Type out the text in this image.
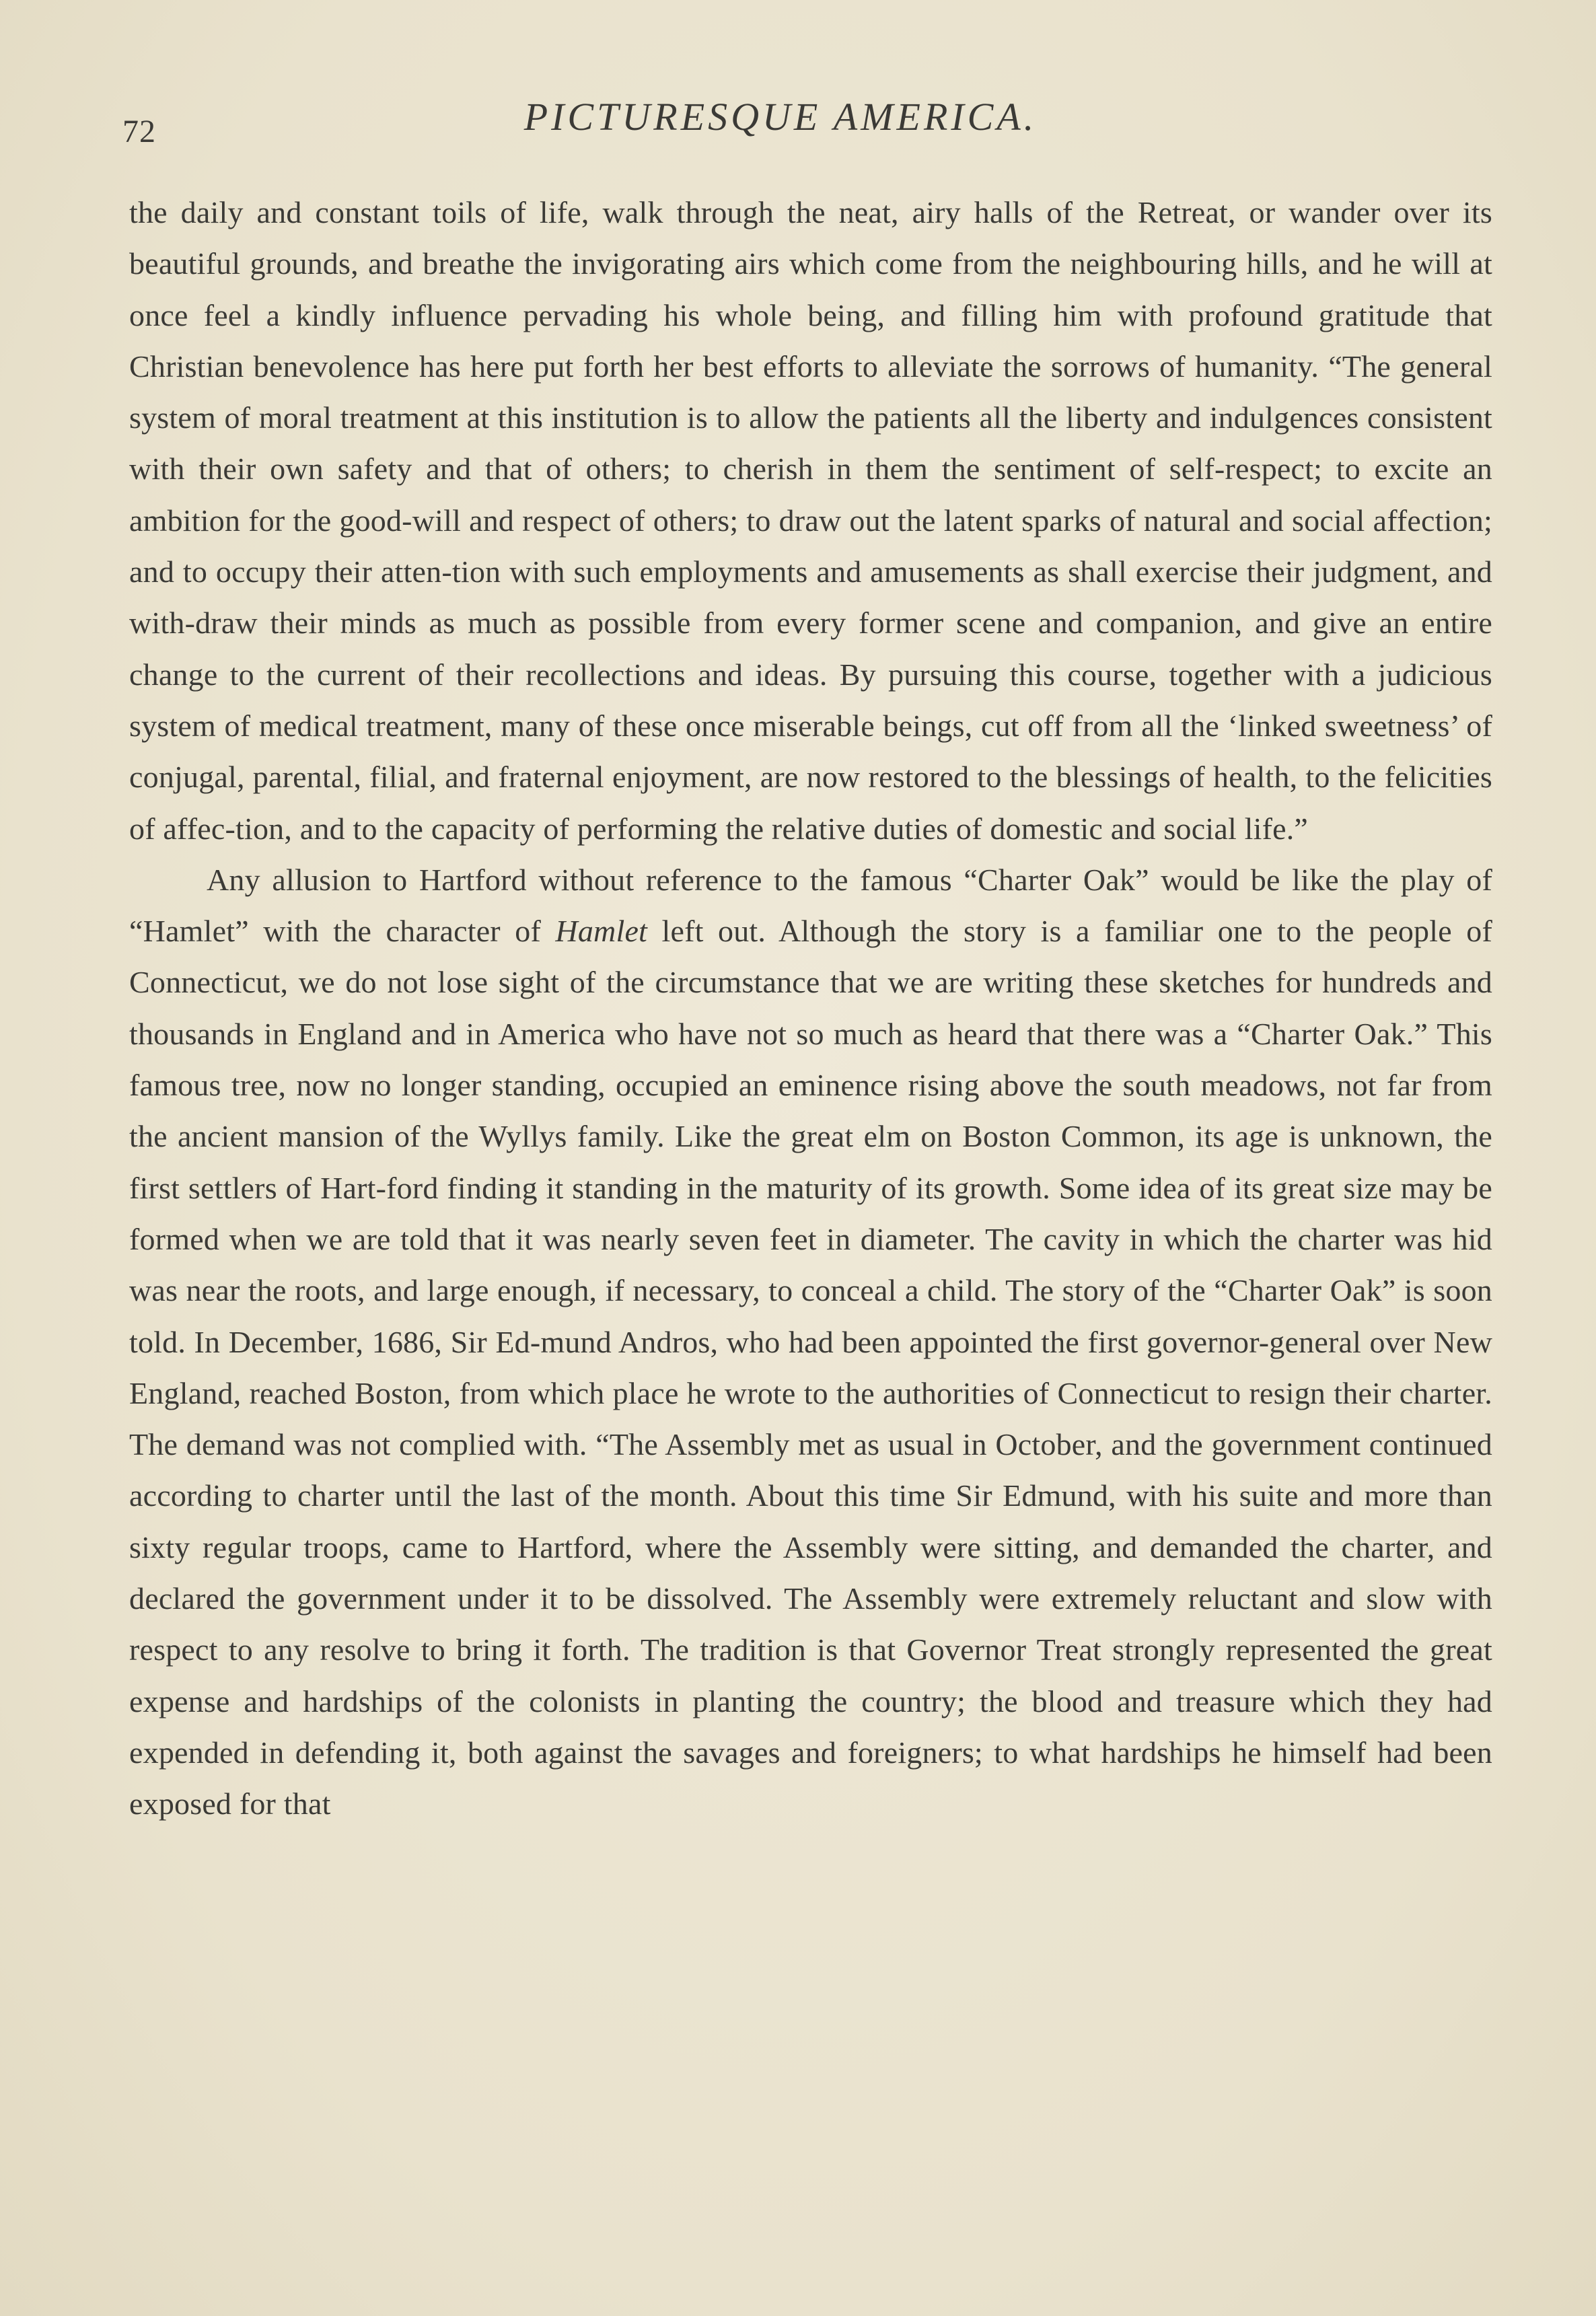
72	PICTURESQUE AMERICA.

the daily and constant toils of life, walk through the neat, airy halls of the Retreat, or wander over its beautiful grounds, and breathe the invigorating airs which come from the neighbouring hills, and he will at once feel a kindly influence pervading his whole being, and filling him with profound gratitude that Christian benevolence has here put forth her best efforts to alleviate the sorrows of humanity. “The general system of moral treatment at this institution is to allow the patients all the liberty and indulgences consistent with their own safety and that of others; to cherish in them the sentiment of self-respect; to excite an ambition for the good-will and respect of others; to draw out the latent sparks of natural and social affection; and to occupy their atten-tion with such employments and amusements as shall exercise their judgment, and with-draw their minds as much as possible from every former scene and companion, and give an entire change to the current of their recollections and ideas. By pursuing this course, together with a judicious system of medical treatment, many of these once miserable beings, cut off from all the ‘linked sweetness’ of conjugal, parental, filial, and fraternal enjoyment, are now restored to the blessings of health, to the felicities of affec-tion, and to the capacity of performing the relative duties of domestic and social life.”

Any allusion to Hartford without reference to the famous “Charter Oak” would be like the play of “Hamlet” with the character of Hamlet left out. Although the story is a familiar one to the people of Connecticut, we do not lose sight of the circumstance that we are writing these sketches for hundreds and thousands in England and in America who have not so much as heard that there was a “Charter Oak.” This famous tree, now no longer standing, occupied an eminence rising above the south meadows, not far from the ancient mansion of the Wyllys family. Like the great elm on Boston Common, its age is unknown, the first settlers of Hart-ford finding it standing in the maturity of its growth. Some idea of its great size may be formed when we are told that it was nearly seven feet in diameter. The cavity in which the charter was hid was near the roots, and large enough, if necessary, to conceal a child. The story of the “Charter Oak” is soon told. In December, 1686, Sir Ed-mund Andros, who had been appointed the first governor-general over New England, reached Boston, from which place he wrote to the authorities of Connecticut to resign their charter. The demand was not complied with. “The Assembly met as usual in October, and the government continued according to charter until the last of the month. About this time Sir Edmund, with his suite and more than sixty regular troops, came to Hartford, where the Assembly were sitting, and demanded the charter, and declared the government under it to be dissolved. The Assembly were extremely reluctant and slow with respect to any resolve to bring it forth. The tradition is that Governor Treat strongly represented the great expense and hardships of the colonists in planting the country; the blood and treasure which they had expended in defending it, both against the savages and foreigners; to what hardships he himself had been exposed for that
